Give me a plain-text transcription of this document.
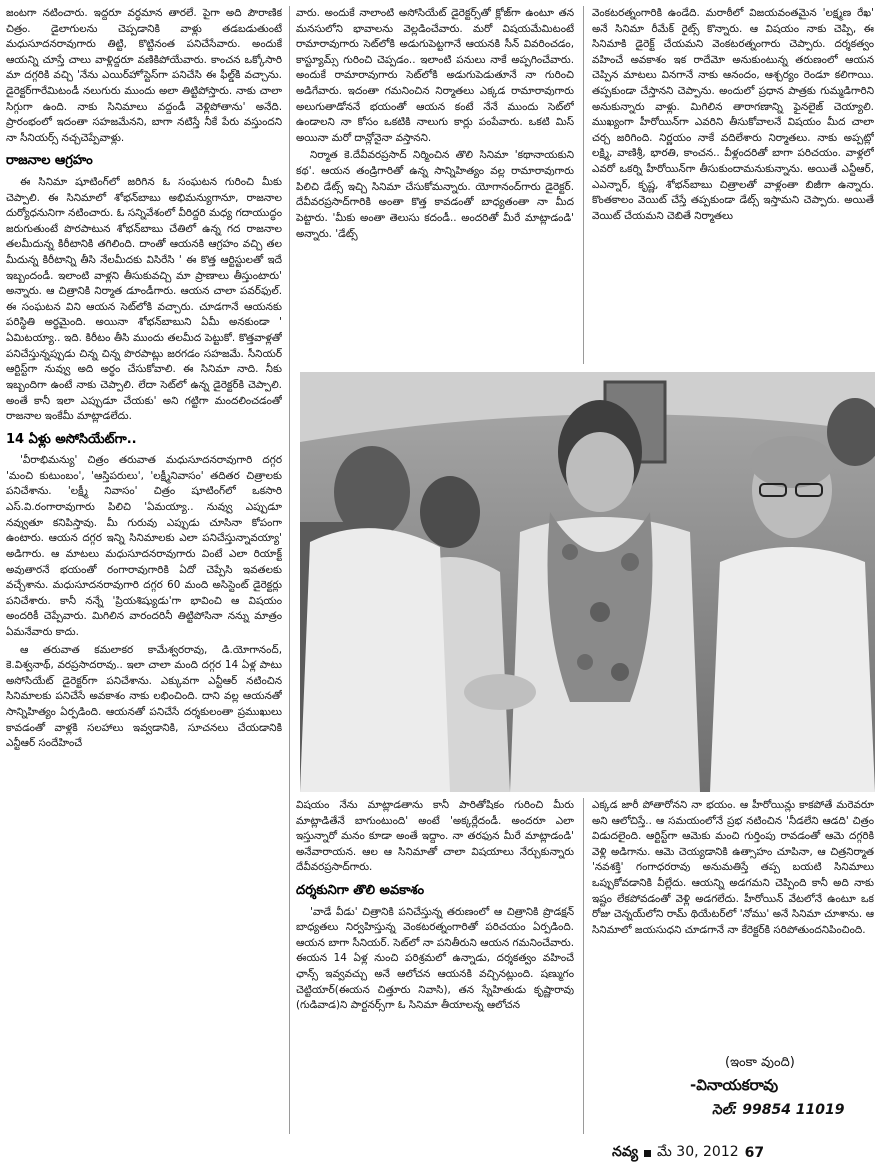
జంటగా నటించారు. ఇద్దరూ వర్ధమాన తారలే. పైగా అది పౌరాణిక చిత్రం. డైలాగులను చెప్పడానికి వాళ్లు తడబడుతుంటే మధుసూదనరావుగారు తిట్టి, కొట్టినంత పనిచేసేవారు. అందుకే ఆయన్ని చూస్తే చాలు వాళ్లిద్దరూ వణికిపోయేవారు. కాంచన ఒక్కోసారి మా దగ్గరికి వచ్చి 'నేను ఎయిర్‌హోస్టెస్‌గా పనిచేసి ఈ ఫీల్డ్‌కి వచ్చాను. డైరెక్టర్‌గారేమిటండీ నలుగురు ముందు అలా తిట్టిపోస్తారు. నాకు చాలా సిగ్గుగా ఉంది. నాకు సినిమాలు వద్దండీ వెళ్లిపోతాను' అనేది. ప్రారంభంలో ఇదంతా సహజమేనని, బాగా నటిస్తే నీకే పేరు వస్తుందని నా సీనియర్స్ నచ్చచెప్పేవాళ్లు.

రాజనాల ఆగ్రహం

ఈ సినిమా షూటింగ్‌లో జరిగిన ఓ సంఘటన గురించి మీకు చెప్పాలి. ఈ సినిమాలో శోభన్‌బాబు అభిమన్యుగానూ, రాజనాల దుర్యోధనునిగా నటించారు. ఓ సన్నివేశంలో వీరిద్దరి మధ్య గదాయుద్ధం జరుగుతుంటే పొరపాటున శోభన్‌బాబు చేతిలో ఉన్న గద రాజనాల తలమీదున్న కిరీటానికి తగిలింది. దాంతో ఆయనకి ఆగ్రహం వచ్చి తల మీదున్న కిరీటాన్ని తీసి నేలమీదకు విసిరేసి ' ఈ కొత్త ఆర్టిస్టులతో ఇదే ఇబ్బందండీ. ఇలాంటి వాళ్లని తీసుకువచ్చి మా ప్రాణాలు తీస్తుంటారు' అన్నారు. ఆ చిత్రానికి నిర్మాత డూండీగారు. ఆయన చాలా పవర్‌ఫుల్. ఈ సంఘటన విని ఆయన సెట్‌లోకి వచ్చారు. చూడగానే ఆయనకు పరిస్థితి అర్థమైంది. అయినా శోభన్‌బాబుని ఏమీ అనకుండా ' ఏమిటయ్యా.. ఇది. కిరీటం తీసి ముందు తలమీద పెట్టుకో. కొత్తవాళ్లతో పనిచేస్తున్నప్పుడు చిన్న చిన్న పొరపాట్లు జరగడం సహజమే. సీనియర్ ఆర్టిస్ట్‌గా నువ్వు అది అర్థం చేసుకోవాలి. ఈ సినిమా నాది. నీకు ఇబ్బందిగా ఉంటే నాకు చెప్పాలి. లేదా సెట్‌లో ఉన్న డైరెక్టర్‌కి చెప్పాలి. అంతే కానీ ఇలా ఎప్పుడూ చేయకు' అని గట్టిగా మందలించడంతో రాజనాల ఇంకేమీ మాట్లాడలేదు.

14 ఏళ్లు అసోసియేట్‌గా..

'వీరాభిమన్యు' చిత్రం తరువాత మధుసూదనరావుగారి దగ్గర 'మంచి కుటుంబం', 'ఆస్తిపరులు', 'లక్ష్మీనివాసం' తదితర చిత్రాలకు పనిచేశాను. 'లక్ష్మీ నివాసం' చిత్రం షూటింగ్‌లో ఒకసారి ఎస్.వి.రంగారావుగారు పిలిచి 'ఏమయ్యా.. నువ్వు ఎప్పుడూ నవ్వుతూ కనిపిస్తావు. మీ గురువు ఎప్పుడు చూసినా కోపంగా ఉంటారు. ఆయన దగ్గర ఇన్ని సినిమాలకు ఎలా పనిచేస్తున్నావయ్యా' అడిగారు. ఆ మాటలు మధుసూదనరావుగారు వింటే ఎలా రియాక్ట్ అవుతారనే భయంతో రంగారావుగారికి ఏదో చెప్పేసి ఇవతలకు వచ్చేశాను. మధుసూదనరావుగారి దగ్గర 60 మంది అసిస్టెంట్ డైరెక్టర్లు పనిచేశారు. కానీ నన్నే 'ప్రియశిష్యుడు'గా భావించి ఆ విషయం అందరికీ చెప్పేవారు. మిగిలిన వారందరినీ తిట్టిపోసినా నన్ను మాత్రం ఏమనేవారు కాదు.

ఆ తరువాత కమలాకర కామేశ్వరరావు, డి.యోగానంద్, కె.విశ్వనాథ్, వరప్రసాదరావు.. ఇలా చాలా మంది దగ్గర 14 ఏళ్ల పాటు అసోసియేట్ డైరెక్టర్‌గా పనిచేశాను. ఎక్కువగా ఎన్టీఆర్ నటించిన సినిమాలకు పనిచేసే అవకాశం నాకు లభించింది. దాని వల్ల ఆయనతో సాన్నిహిత్యం ఏర్పడింది. ఆయనతో పనిచేసే దర్శకులంతా ప్రముఖులు కావడంతో వాళ్లకి సలహాలు ఇవ్వడానికి, సూచనలు చేయడానికి ఎన్టీఆర్ సందేహించే

వారు. అందుకే నాలాంటి అసోసియేట్ డైరెక్టర్స్‌తో క్లోజ్‌గా ఉంటూ తన మనసులోని భావాలను వెల్లడించేవారు. మరో విషయమేమిటంటే రామారావుగారు సెట్‌లోకి అడుగుపెట్టగానే ఆయనకి సీన్ వివరించడం, కాస్ట్యూమ్స్ గురించి చెప్పడం.. ఇలాంటి పనులు నాకే అప్పగించేవారు. అందుకే రామారావుగారు సెట్‌లోకి అడుగుపెడుతూనే నా గురించి అడిగేవారు. ఇదంతా గమనించిన నిర్మాతలు ఎక్కడ రామారావుగారు అలుగుతాడోననే భయంతో ఆయన కంటే నేనే ముందు సెట్‌లో ఉండాలని నా కోసం ఒకటికి నాలుగు కార్లు పంపేవారు. ఒకటి మిస్ అయినా మరో దాన్లోనైనా వస్తానని.

నిర్మాత కె.దేవీవరప్రసాద్ నిర్మించిన తొలి సినిమా 'కథానాయకుని కథ'. ఆయన తండ్రిగారితో ఉన్న సాన్నిహిత్యం వల్ల రామారావుగారు పిలిచి డేట్స్ ఇచ్చి సినిమా చేసుకోమన్నారు. యోగానంద్‌గారు డైరెక్టర్. దేవీవరప్రసాద్‌గారికి అంతా కొత్త కావడంతో బాధ్యతంతా నా మీద పెట్టారు. 'మీకు అంతా తెలుసు కదండీ.. అందరితో మీరే మాట్లాడండి' అన్నారు. 'డేట్స్

వెంకటరత్నంగారికి ఉండేది. మరాఠీలో విజయవంతమైన 'లక్ష్మణ రేఖ' అనే సినిమా రీమేక్ రైట్స్ కొన్నారు. ఆ విషయం నాకు చెప్పి, ఈ సినిమాకి డైరెక్ట్ చేయమని వెంకటరత్నంగారు చెప్పారు. దర్శకత్వం వహించే అవకాశం ఇక రాదేమో అనుకుంటున్న తరుణంలో ఆయన చెప్పిన మాటలు వినగానే నాకు ఆనందం, ఆశ్చర్యం రెండూ కలిగాయి. తప్పకుండా చేస్తానని చెప్పాను. అందులో ప్రధాన పాత్రకు గుమ్మడిగారిని అనుకున్నారు వాళ్లు. మిగిలిన తారాగణాన్ని ఫైనలైజ్ చెయ్యాలి. ముఖ్యంగా హీరోయిన్‌గా ఎవరిని తీసుకోవాలనే విషయం మీద చాలా చర్చ జరిగింది. నిర్ణయం నాకే వదిలేశారు నిర్మాతలు. నాకు అప్పట్లో లక్ష్మి, వాణిశ్రీ, భారతి, కాంచన.. వీళ్లందరితో బాగా పరిచయం. వాళ్లలో ఎవరో ఒకర్ని హీరోయిన్‌గా తీసుకుందామనుకున్నాను. అయితే ఎన్టీఆర్, ఎఎన్నార్, కృష్ణ, శోభన్‌బాబు చిత్రాలతో వాళ్లంతా బిజీగా ఉన్నారు. కొంతకాలం వెయిట్ చేస్తే తప్పకుండా డేట్స్ ఇస్తామని చెప్పారు. అయితే వెయిట్ చేయమని చెబితే నిర్మాతలు

విషయం నేను మాట్లాడతాను కానీ పారితోషికం గురించి మీరు మాట్లాడితేనే బాగుంటుంది' అంటే 'అక్కర్లేదండీ. అందరూ ఎలా ఇస్తున్నారో మనం కూడా అంతే ఇద్దాం. నా తరఫున మీరే మాట్లాడండి' అనేవారాయన. ఆల ఆ సినిమాతో చాలా విషయాలు నేర్చుకున్నారు దేవీవరప్రసాద్‌గారు.

దర్శకునిగా తొలి అవకాశం

'వాడే వీడు' చిత్రానికి పనిచేస్తున్న తరుణంలో ఆ చిత్రానికి ప్రొడక్షన్ బాధ్యతలు నిర్వహిస్తున్న వెంకటరత్నంగారితో పరిచయం ఏర్పడింది. ఆయన బాగా సీనియర్. సెట్‌లో నా పనితీరుని ఆయన గమనించేవారు. ఈయన 14 ఏళ్ల నుంచి పరిశ్రమలో ఉన్నాడు, దర్శకత్వం వహించే ఛాన్స్ ఇవ్వవచ్చు అనే ఆలోచన ఆయనకి వచ్చినట్లుంది. షణ్ముగం చెట్టియార్(ఈయన చిత్తూరు నివాసి), తన స్నేహితుడు కృష్ణారావు (గుడివాడ)ని పార్టనర్స్‌గా ఓ సినిమా తీయాలన్న ఆలోచన

ఎక్కడ జారీ పోతారోనని నా భయం. ఆ హీరోయిన్లు కాకపోతే మరెవరూ అని ఆలోచిస్తే.. ఆ సమయంలోనే ప్రభ నటించిన 'నీడలేని ఆడది' చిత్రం విడుదలైంది. ఆర్టిస్ట్‌గా ఆమెకు మంచి గుర్తింపు రావడంతో ఆమె దగ్గరికి వెళ్లి అడిగాను. ఆమె చెయ్యడానికి ఉత్సాహం చూపినా, ఆ చిత్రనిర్మాత 'నవశక్తి' గంగాధరరావు అనుమతిస్తే తప్ప బయటి సినిమాలు ఒప్పుకోవడానికి వీల్లేదు. ఆయన్ని అడగమని చెప్పింది కానీ అది నాకు ఇష్టం లేకపోవడంతో వెళ్లి అడగలేదు. హీరోయిన్ వేటలోనే ఉంటూ ఒక రోజు చెన్నయ్‌లోని రామ్ థియేటర్‌లో 'నోము' అనే సినిమా చూశాను. ఆ సినిమాలో జయసుధని చూడగానే నా కేరెక్టర్‌కి సరిపోతుందనిపించింది.

(ఇంకా వుంది)
-వినాయకరావు
సెల్: 99854 11019
నవ్య మే 30, 2012 67
